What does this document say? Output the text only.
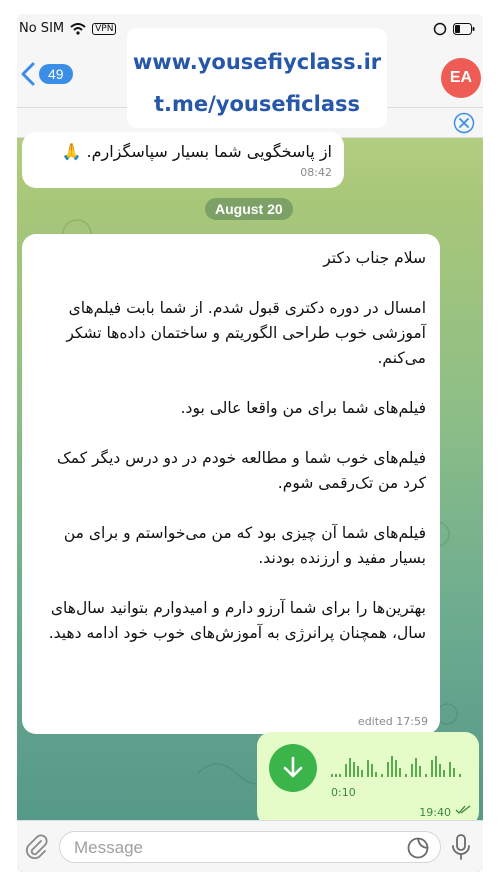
No SIM	VPN
49	EA
www.yousefiyclass.ir
t.me/youseficlass
از پاسخگویی شما بسیار سپاسگزارم. 🙏
08:42
August 20
سلام جناب دکتر

امسال در دوره دکتری قبول شدم. از شما بابت فیلم‌های آموزشی خوب طراحی الگوریتم و ساختمان داده‌ها تشکر می‌کنم.

فیلم‌های شما برای من واقعا عالی بود.

فیلم‌های خوب شما و مطالعه خودم در دو درس دیگر کمک کرد من تک‌رقمی شوم.

فیلم‌های شما آن چیزی بود که من می‌خواستم و برای من بسیار مفید و ارزنده بودند.

بهترین‌ها را برای شما آرزو دارم و امیدوارم بتوانید سال‌های سال، همچنان پرانرژی به آموزش‌های خوب خود ادامه دهید.
edited 17:59
0:10
19:40
Message
